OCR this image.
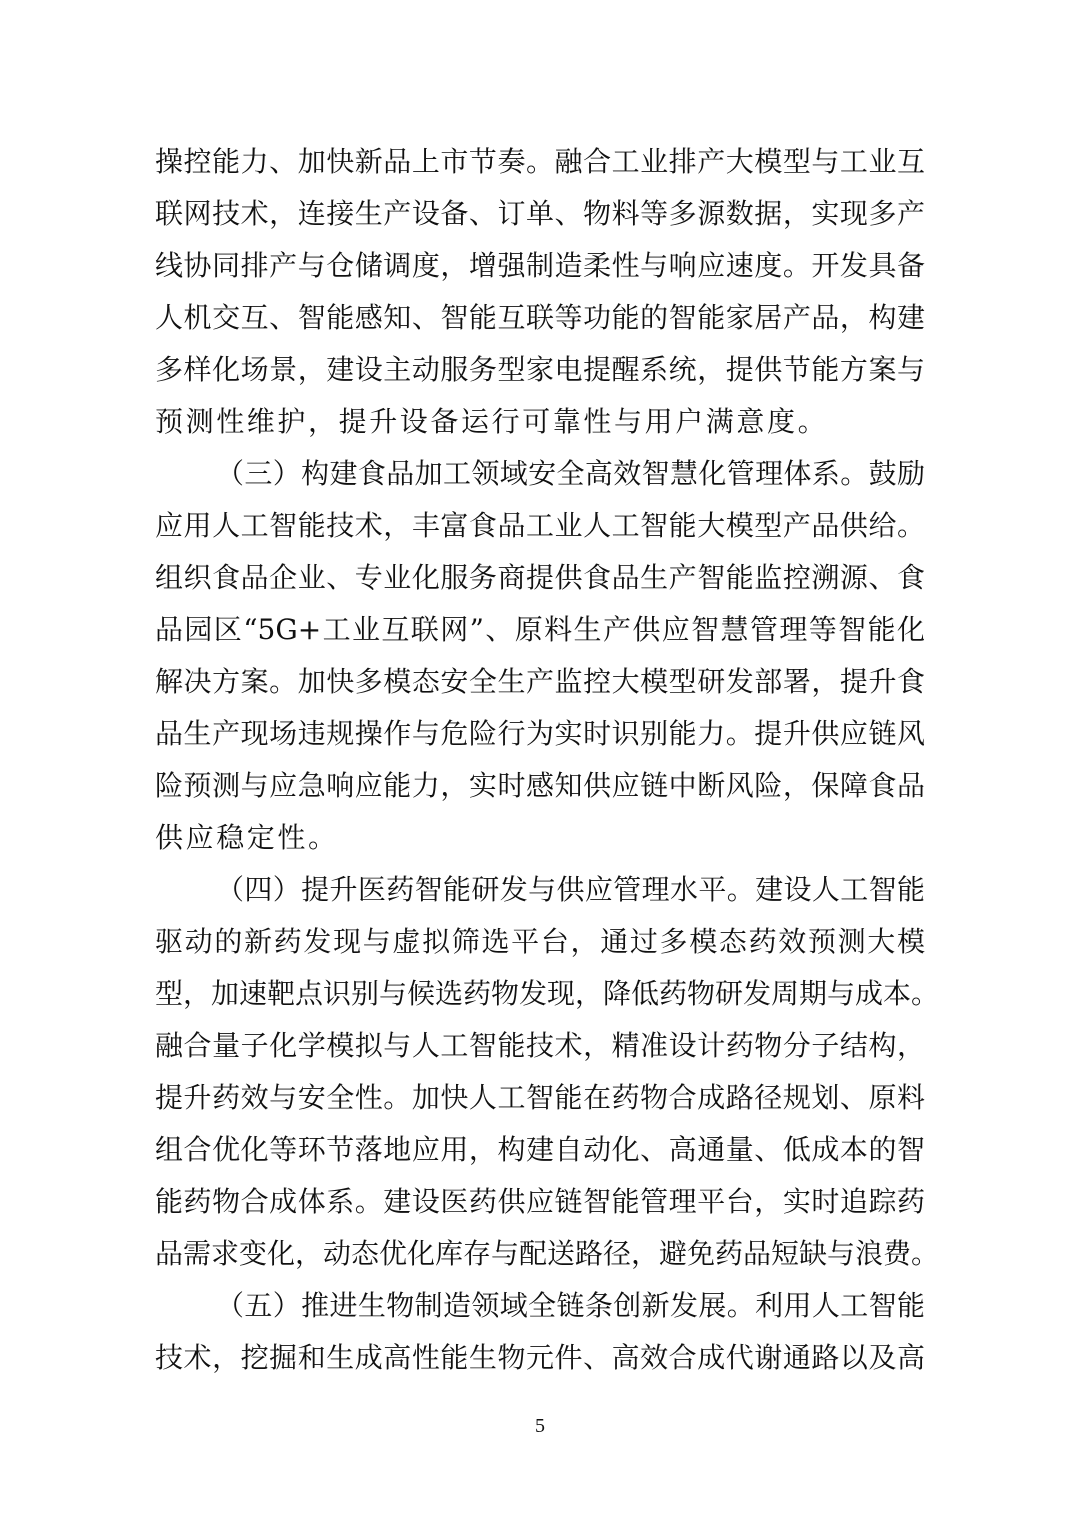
操控能力、加快新品上市节奏。融合工业排产大模型与工业互
联网技术，连接生产设备、订单、物料等多源数据，实现多产
线协同排产与仓储调度，增强制造柔性与响应速度。开发具备
人机交互、智能感知、智能互联等功能的智能家居产品，构建
多样化场景，建设主动服务型家电提醒系统，提供节能方案与
预测性维护，提升设备运行可靠性与用户满意度。
（三）构建食品加工领域安全高效智慧化管理体系。鼓励
应用人工智能技术，丰富食品工业人工智能大模型产品供给。
组织食品企业、专业化服务商提供食品生产智能监控溯源、食
品园区“5G+工业互联网”、原料生产供应智慧管理等智能化
解决方案。加快多模态安全生产监控大模型研发部署，提升食
品生产现场违规操作与危险行为实时识别能力。提升供应链风
险预测与应急响应能力，实时感知供应链中断风险，保障食品
供应稳定性。
（四）提升医药智能研发与供应管理水平。建设人工智能
驱动的新药发现与虚拟筛选平台，通过多模态药效预测大模
型，加速靶点识别与候选药物发现，降低药物研发周期与成本。
融合量子化学模拟与人工智能技术，精准设计药物分子结构，
提升药效与安全性。加快人工智能在药物合成路径规划、原料
组合优化等环节落地应用，构建自动化、高通量、低成本的智
能药物合成体系。建设医药供应链智能管理平台，实时追踪药
品需求变化，动态优化库存与配送路径，避免药品短缺与浪费。
（五）推进生物制造领域全链条创新发展。利用人工智能
技术，挖掘和生成高性能生物元件、高效合成代谢通路以及高
5
